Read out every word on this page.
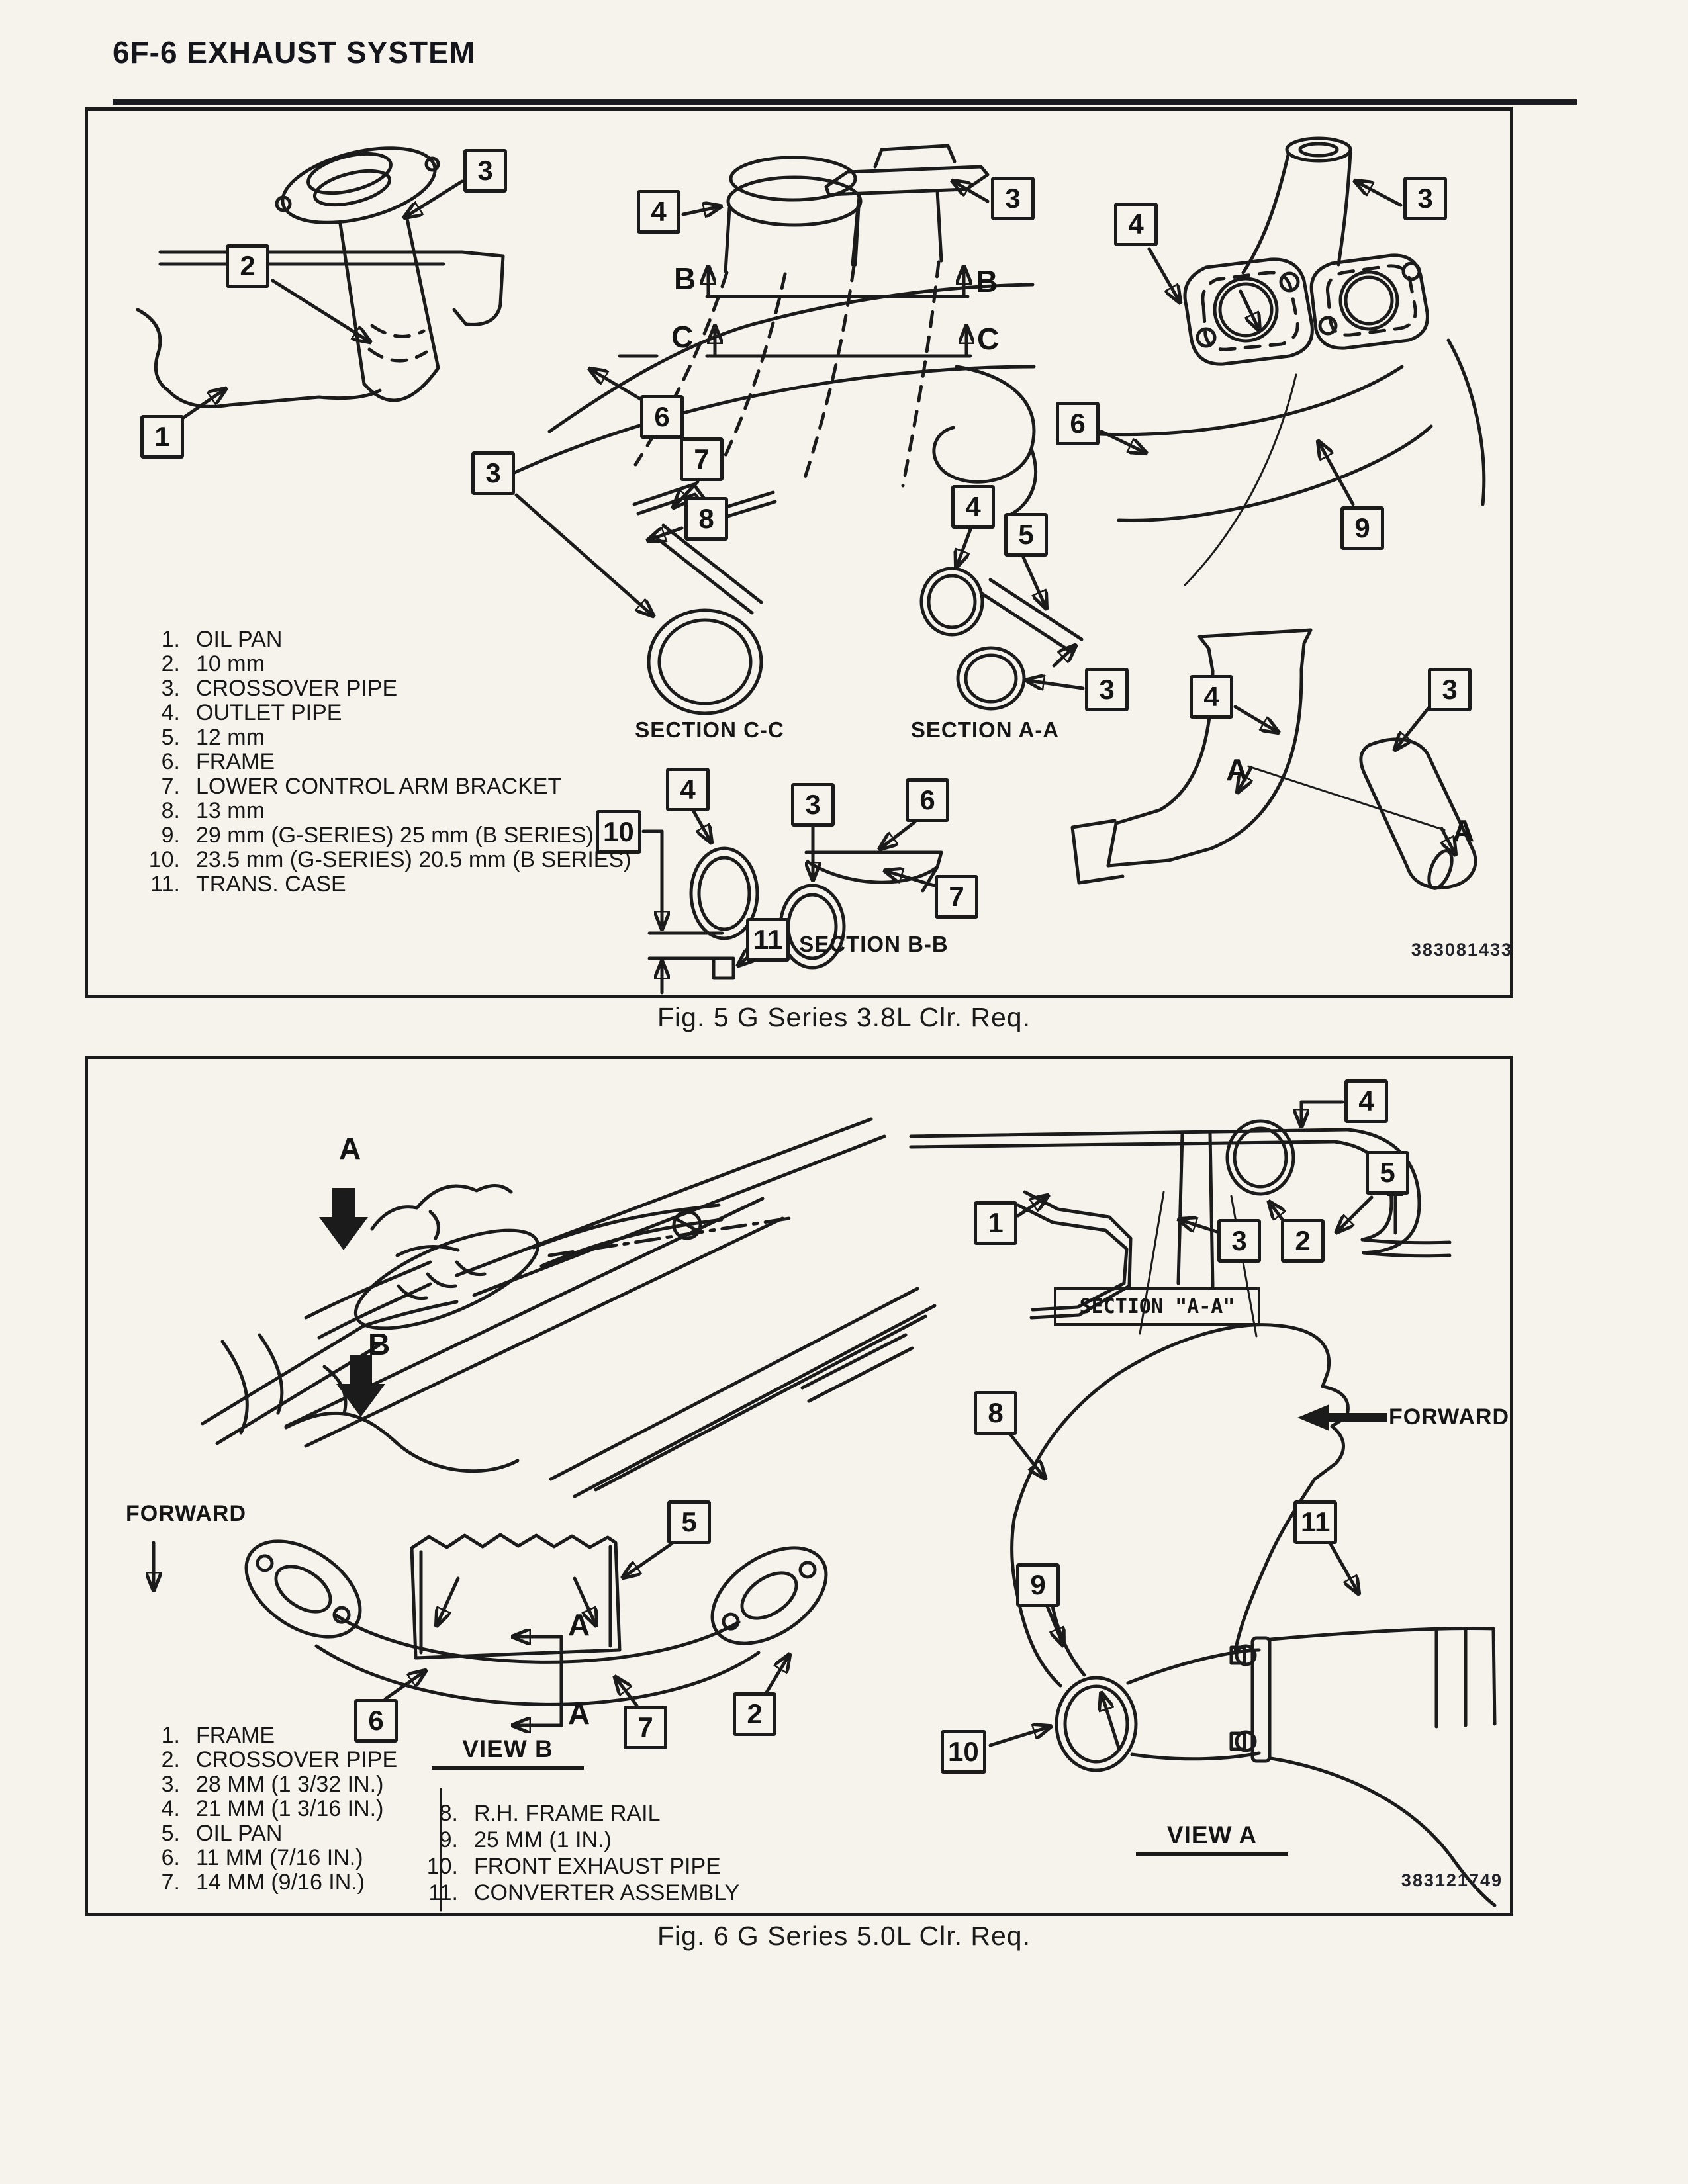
6F-6 EXHAUST SYSTEM
3
2
1
4	3
6
3	7
8	4
5
3
4
3
6
9
10
4	3	6
7
11
4	3
B	B
C	C
A
A
SECTION C-C	SECTION A-A
SECTION B-B
1. OIL PAN
2. 10 mm
3. CROSSOVER PIPE
4. OUTLET PIPE
5. 12 mm
6. FRAME
7. LOWER CONTROL ARM BRACKET
8. 13 mm
9. 29 mm (G-SERIES) 25 mm (B SERIES)
10. 23.5 mm (G-SERIES) 20.5 mm (B SERIES)
11. TRANS. CASE
383081433
Fig. 5 G Series 3.8L Clr. Req.
4
5
1
3	2
8
11
9
10
5
6	7	2
A
B
A
A
FORWARD
FORWARD
SECTION "A-A"
VIEW A
VIEW B
1. FRAME
2. CROSSOVER PIPE
3. 28 MM (1 3/32 IN.)
4. 21 MM (1 3/16 IN.)
5. OIL PAN
6. 11 MM (7/16 IN.)
7. 14 MM (9/16 IN.)
8. R.H. FRAME RAIL
9. 25 MM (1 IN.)
10. FRONT EXHAUST PIPE
11. CONVERTER ASSEMBLY	383121749
Fig. 6 G Series 5.0L Clr. Req.
